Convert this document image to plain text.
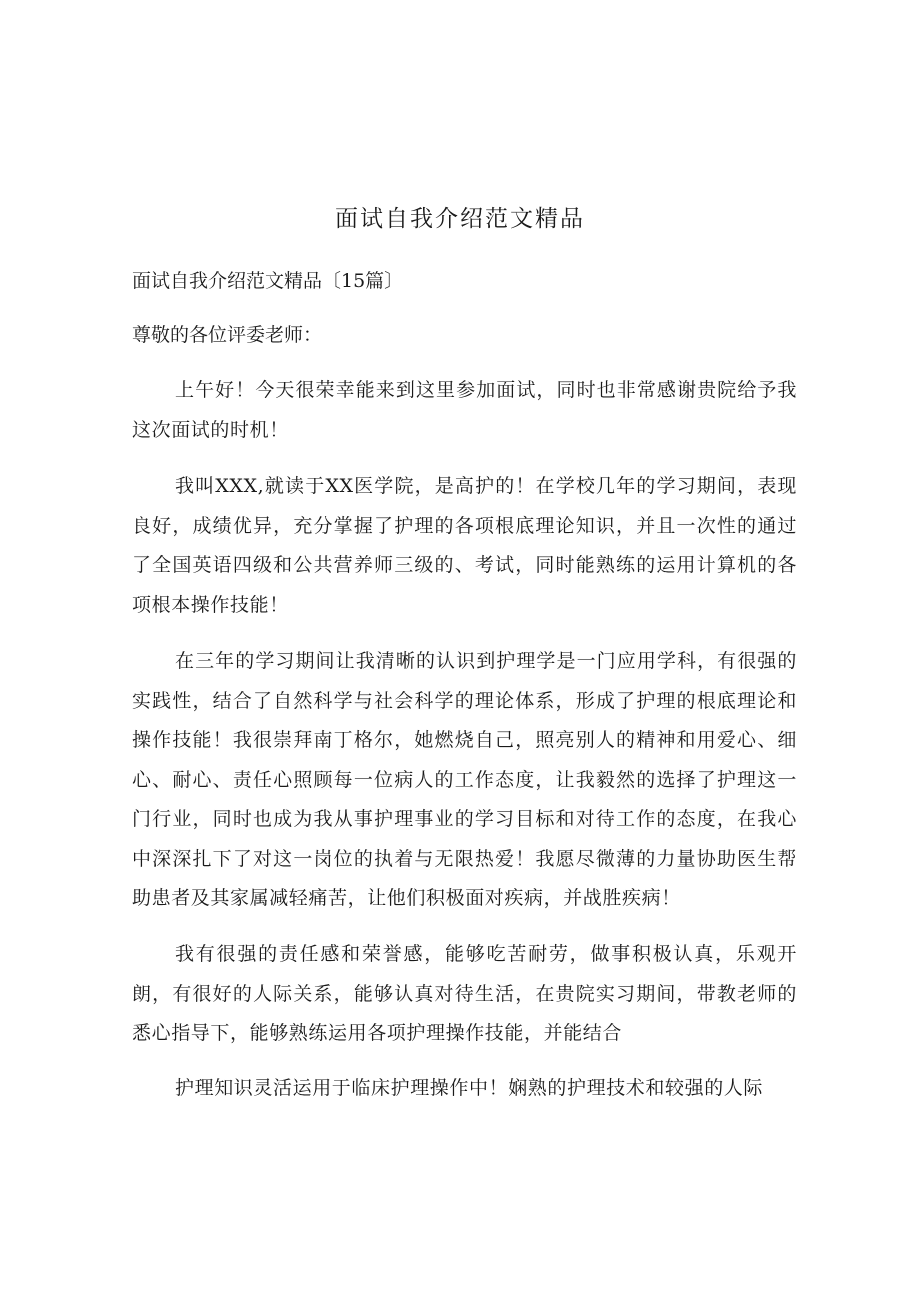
面试自我介绍范文精品

面试自我介绍范文精品〔15篇〕

尊敬的各位评委老师：

上午好！今天很荣幸能来到这里参加面试，同时也非常感谢贵院给予我这次面试的时机！

我叫XXX,就读于XX医学院，是高护的！在学校几年的学习期间，表现良好，成绩优异，充分掌握了护理的各项根底理论知识，并且一次性的通过了全国英语四级和公共营养师三级的、考试，同时能熟练的运用计算机的各项根本操作技能！

在三年的学习期间让我清晰的认识到护理学是一门应用学科，有很强的实践性，结合了自然科学与社会科学的理论体系，形成了护理的根底理论和操作技能！我很崇拜南丁格尔，她燃烧自己，照亮别人的精神和用爱心、细心、耐心、责任心照顾每一位病人的工作态度，让我毅然的选择了护理这一门行业，同时也成为我从事护理事业的学习目标和对待工作的态度，在我心中深深扎下了对这一岗位的执着与无限热爱！我愿尽微薄的力量协助医生帮助患者及其家属减轻痛苦，让他们积极面对疾病，并战胜疾病！

我有很强的责任感和荣誉感，能够吃苦耐劳，做事积极认真，乐观开朗，有很好的人际关系，能够认真对待生活，在贵院实习期间，带教老师的悉心指导下，能够熟练运用各项护理操作技能，并能结合

护理知识灵活运用于临床护理操作中！娴熟的护理技术和较强的人际
